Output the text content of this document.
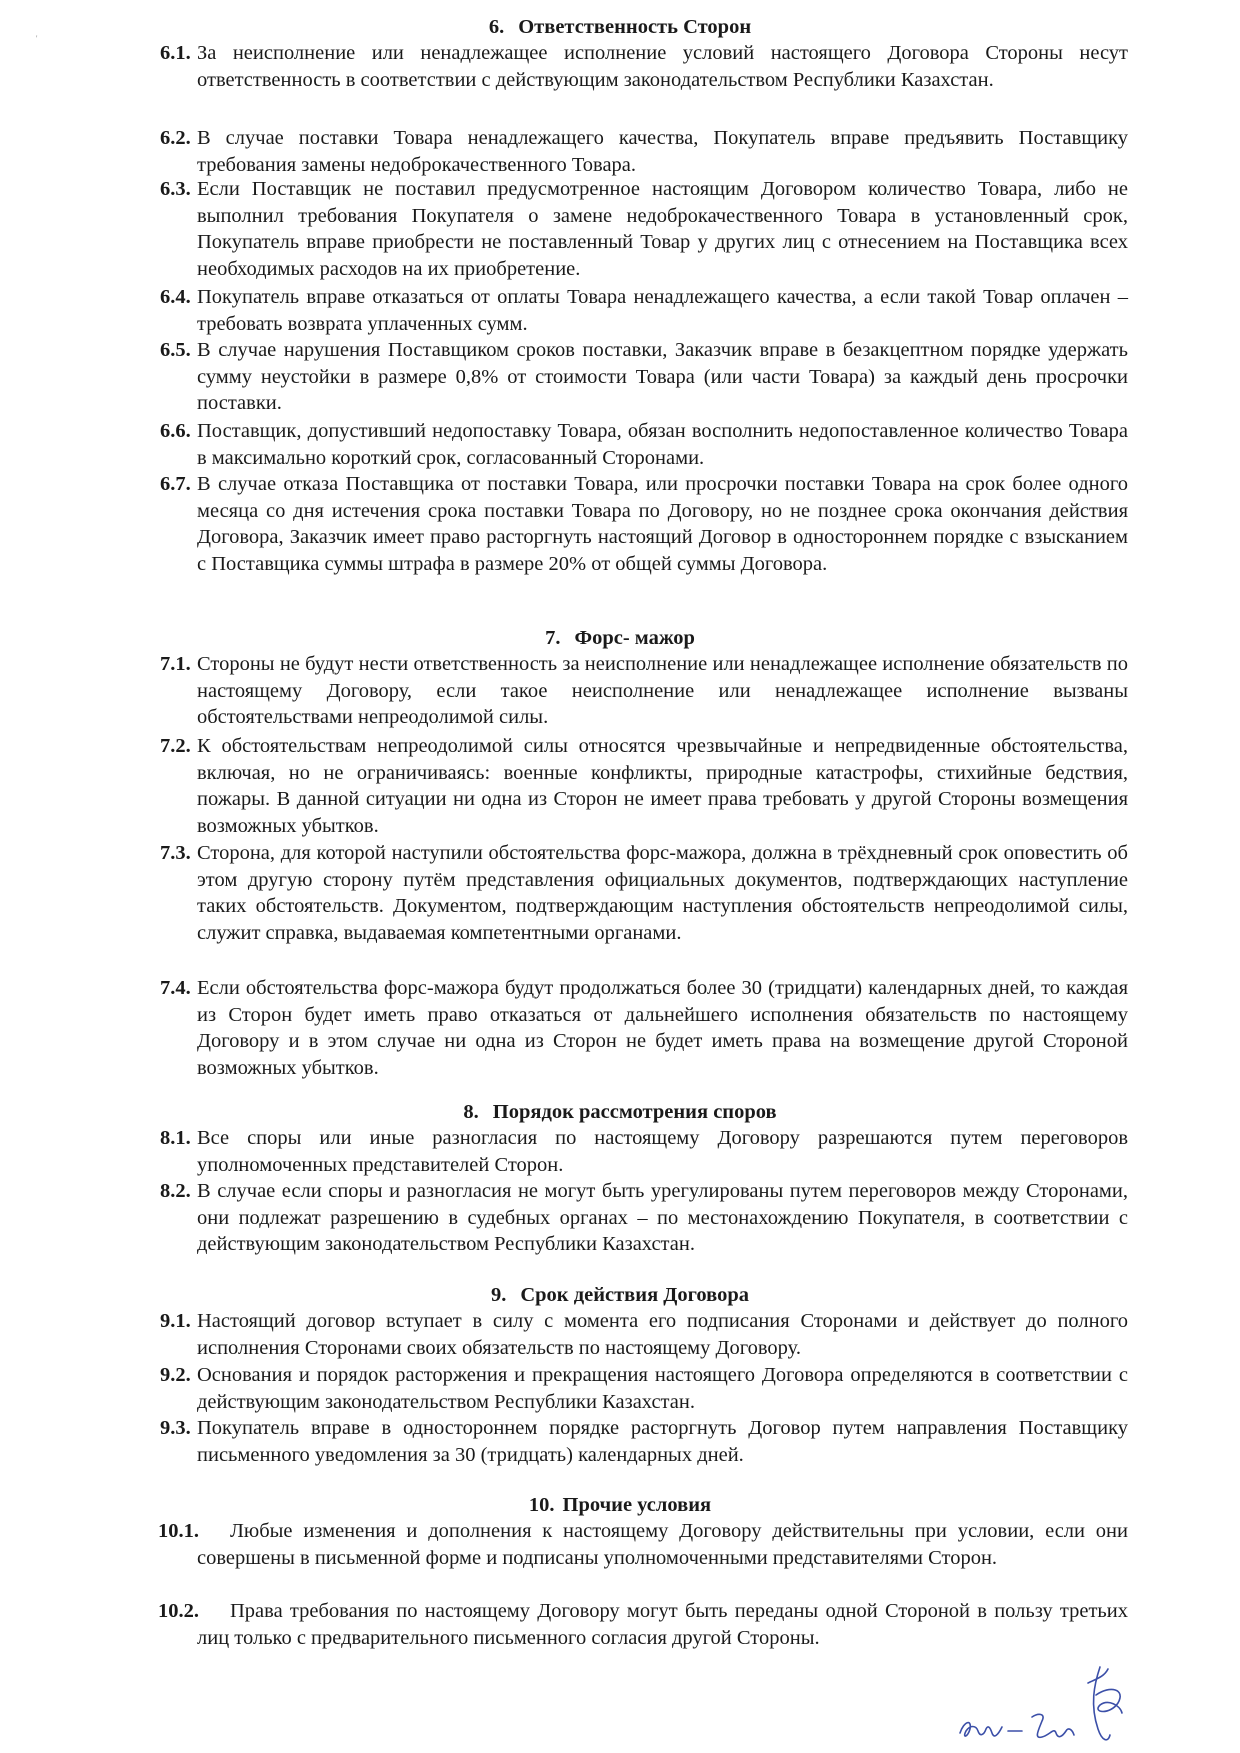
'
6. Ответственность Сторон
6.1. За неисполнение или ненадлежащее исполнение условий настоящего Договора Стороны несут ответственность в соответствии с действующим законодательством Республики Казахстан.
6.2. В случае поставки Товара ненадлежащего качества, Покупатель вправе предъявить Поставщику требования замены недоброкачественного Товара.
6.3. Если Поставщик не поставил предусмотренное настоящим Договором количество Товара, либо не выполнил требования Покупателя о замене недоброкачественного Товара в установленный срок, Покупатель вправе приобрести не поставленный Товар у других лиц с отнесением на Поставщика всех необходимых расходов на их приобретение.
6.4. Покупатель вправе отказаться от оплаты Товара ненадлежащего качества, а если такой Товар оплачен – требовать возврата уплаченных сумм.
6.5. В случае нарушения Поставщиком сроков поставки, Заказчик вправе в безакцептном порядке удержать сумму неустойки в размере 0,8% от стоимости Товара (или части Товара) за каждый день просрочки поставки.
6.6. Поставщик, допустивший недопоставку Товара, обязан восполнить недопоставленное количество Товара в максимально короткий срок, согласованный Сторонами.
6.7. В случае отказа Поставщика от поставки Товара, или просрочки поставки Товара на срок более одного месяца со дня истечения срока поставки Товара по Договору, но не позднее срока окончания действия Договора, Заказчик имеет право расторгнуть настоящий Договор в одностороннем порядке с взысканием с Поставщика суммы штрафа в размере 20% от общей суммы Договора.
7. Форс- мажор
7.1. Стороны не будут нести ответственность за неисполнение или ненадлежащее исполнение обязательств по настоящему Договору, если такое неисполнение или ненадлежащее исполнение вызваны обстоятельствами непреодолимой силы.
7.2. К обстоятельствам непреодолимой силы относятся чрезвычайные и непредвиденные обстоятельства, включая, но не ограничиваясь: военные конфликты, природные катастрофы, стихийные бедствия, пожары. В данной ситуации ни одна из Сторон не имеет права требовать у другой Стороны возмещения возможных убытков.
7.3. Сторона, для которой наступили обстоятельства форс-мажора, должна в трёхдневный срок оповестить об этом другую сторону путём представления официальных документов, подтверждающих наступление таких обстоятельств. Документом, подтверждающим наступления обстоятельств непреодолимой силы, служит справка, выдаваемая компетентными органами.
7.4. Если обстоятельства форс-мажора будут продолжаться более 30 (тридцати) календарных дней, то каждая из Сторон будет иметь право отказаться от дальнейшего исполнения обязательств по настоящему Договору и в этом случае ни одна из Сторон не будет иметь права на возмещение другой Стороной возможных убытков.
8. Порядок рассмотрения споров
8.1. Все споры или иные разногласия по настоящему Договору разрешаются путем переговоров уполномоченных представителей Сторон.
8.2. В случае если споры и разногласия не могут быть урегулированы путем переговоров между Сторонами, они подлежат разрешению в судебных органах – по местонахождению Покупателя, в соответствии с действующим законодательством Республики Казахстан.
9. Срок действия Договора
9.1. Настоящий договор вступает в силу с момента его подписания Сторонами и действует до полного исполнения Сторонами своих обязательств по настоящему Договору.
9.2. Основания и порядок расторжения и прекращения настоящего Договора определяются в соответствии с действующим законодательством Республики Казахстан.
9.3. Покупатель вправе в одностороннем порядке расторгнуть Договор путем направления Поставщику письменного уведомления за 30 (тридцать) календарных дней.
10. Прочие условия
10.1.	Любые изменения и дополнения к настоящему Договору действительны при условии, если они совершены в письменной форме и подписаны уполномоченными представителями Сторон.
10.2.	Права требования по настоящему Договору могут быть переданы одной Стороной в пользу третьих лиц только с предварительного письменного согласия другой Стороны.
